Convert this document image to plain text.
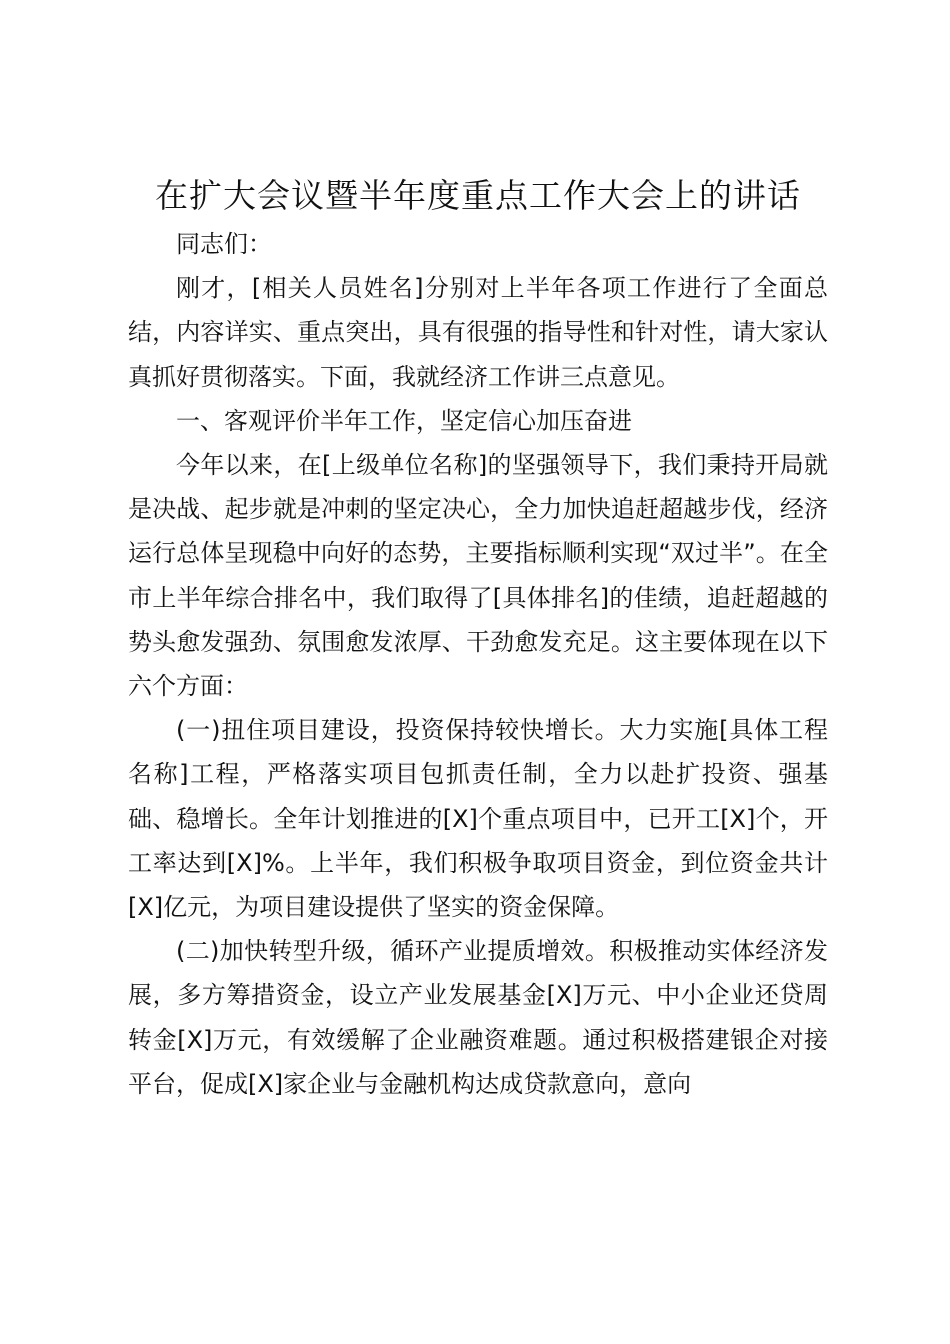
在扩大会议暨半年度重点工作大会上的讲话

同志们：

刚才，[相关人员姓名]分别对上半年各项工作进行了全面总结，内容详实、重点突出，具有很强的指导性和针对性，请大家认真抓好贯彻落实。下面，我就经济工作讲三点意见。

一、客观评价半年工作，坚定信心加压奋进

今年以来，在[上级单位名称]的坚强领导下，我们秉持开局就是决战、起步就是冲刺的坚定决心，全力加快追赶超越步伐，经济运行总体呈现稳中向好的态势，主要指标顺利实现“双过半”。在全市上半年综合排名中，我们取得了[具体排名]的佳绩，追赶超越的势头愈发强劲、氛围愈发浓厚、干劲愈发充足。这主要体现在以下六个方面：

(一)扭住项目建设，投资保持较快增长。大力实施[具体工程名称]工程，严格落实项目包抓责任制，全力以赴扩投资、强基础、稳增长。全年计划推进的[X]个重点项目中，已开工[X]个，开工率达到[X]%。上半年，我们积极争取项目资金，到位资金共计[X]亿元，为项目建设提供了坚实的资金保障。

(二)加快转型升级，循环产业提质增效。积极推动实体经济发展，多方筹措资金，设立产业发展基金[X]万元、中小企业还贷周转金[X]万元，有效缓解了企业融资难题。通过积极搭建银企对接平台，促成[X]家企业与金融机构达成贷款意向，意向
